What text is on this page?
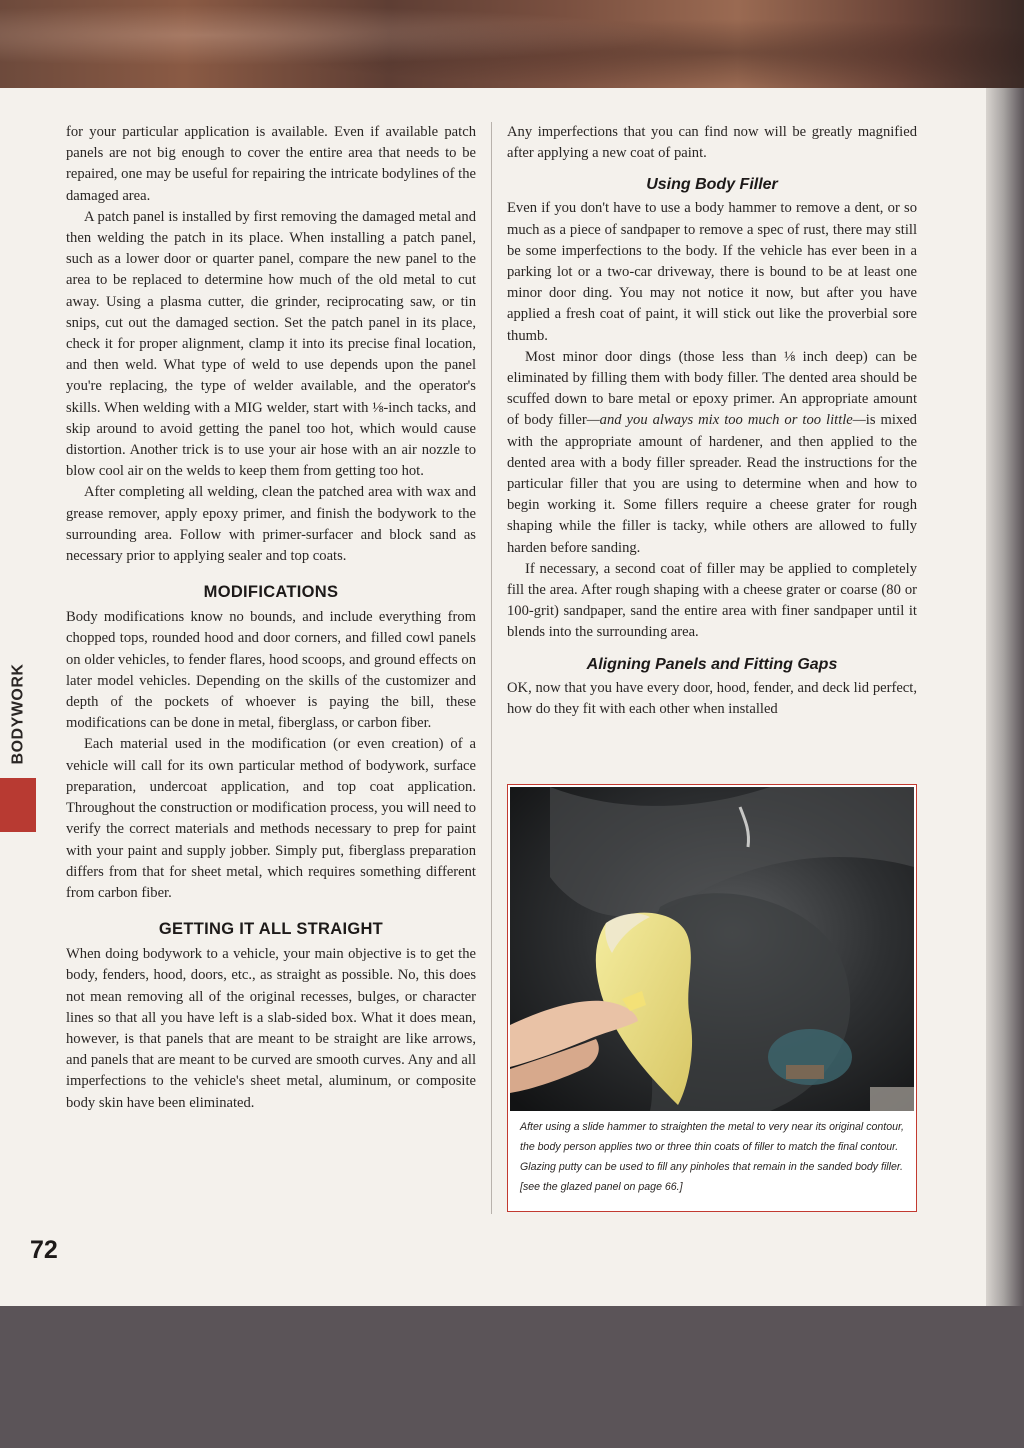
for your particular application is available. Even if available patch panels are not big enough to cover the entire area that needs to be repaired, one may be useful for repairing the intricate bodylines of the damaged area.

A patch panel is installed by first removing the damaged metal and then welding the patch in its place. When installing a patch panel, such as a lower door or quarter panel, compare the new panel to the area to be replaced to determine how much of the old metal to cut away. Using a plasma cutter, die grinder, reciprocating saw, or tin snips, cut out the damaged section. Set the patch panel in its place, check it for proper alignment, clamp it into its precise final location, and then weld. What type of weld to use depends upon the panel you're replacing, the type of welder available, and the operator's skills. When welding with a MIG welder, start with ⅛-inch tacks, and skip around to avoid getting the panel too hot, which would cause distortion. Another trick is to use your air hose with an air nozzle to blow cool air on the welds to keep them from getting too hot.

After completing all welding, clean the patched area with wax and grease remover, apply epoxy primer, and finish the bodywork to the surrounding area. Follow with primer-surfacer and block sand as necessary prior to applying sealer and top coats.

MODIFICATIONS

Body modifications know no bounds, and include everything from chopped tops, rounded hood and door corners, and filled cowl panels on older vehicles, to fender flares, hood scoops, and ground effects on later model vehicles. Depending on the skills of the customizer and depth of the pockets of whoever is paying the bill, these modifications can be done in metal, fiberglass, or carbon fiber.

Each material used in the modification (or even creation) of a vehicle will call for its own particular method of bodywork, surface preparation, undercoat application, and top coat application. Throughout the construction or modification process, you will need to verify the correct materials and methods necessary to prep for paint with your paint and supply jobber. Simply put, fiberglass preparation differs from that for sheet metal, which requires something different from carbon fiber.

GETTING IT ALL STRAIGHT

When doing bodywork to a vehicle, your main objective is to get the body, fenders, hood, doors, etc., as straight as possible. No, this does not mean removing all of the original recesses, bulges, or character lines so that all you have left is a slab-sided box. What it does mean, however, is that panels that are meant to be straight are like arrows, and panels that are meant to be curved are smooth curves. Any and all imperfections to the vehicle's sheet metal, aluminum, or composite body skin have been eliminated.

Any imperfections that you can find now will be greatly magnified after applying a new coat of paint.

Using Body Filler

Even if you don't have to use a body hammer to remove a dent, or so much as a piece of sandpaper to remove a spec of rust, there may still be some imperfections to the body. If the vehicle has ever been in a parking lot or a two-car driveway, there is bound to be at least one minor door ding. You may not notice it now, but after you have applied a fresh coat of paint, it will stick out like the proverbial sore thumb.

Most minor door dings (those less than ⅛ inch deep) can be eliminated by filling them with body filler. The dented area should be scuffed down to bare metal or epoxy primer. An appropriate amount of body filler—and you always mix too much or too little—is mixed with the appropriate amount of hardener, and then applied to the dented area with a body filler spreader. Read the instructions for the particular filler that you are using to determine when and how to begin working it. Some fillers require a cheese grater for rough shaping while the filler is tacky, while others are allowed to fully harden before sanding.

If necessary, a second coat of filler may be applied to completely fill the area. After rough shaping with a cheese grater or coarse (80 or 100-grit) sandpaper, sand the entire area with finer sandpaper until it blends into the surrounding area.

Aligning Panels and Fitting Gaps

OK, now that you have every door, hood, fender, and deck lid perfect, how do they fit with each other when installed

After using a slide hammer to straighten the metal to very near its original contour, the body person applies two or three thin coats of filler to match the final contour. Glazing putty can be used to fill any pinholes that remain in the sanded body filler. [see the glazed panel on page 66.]
BODYWORK
72
